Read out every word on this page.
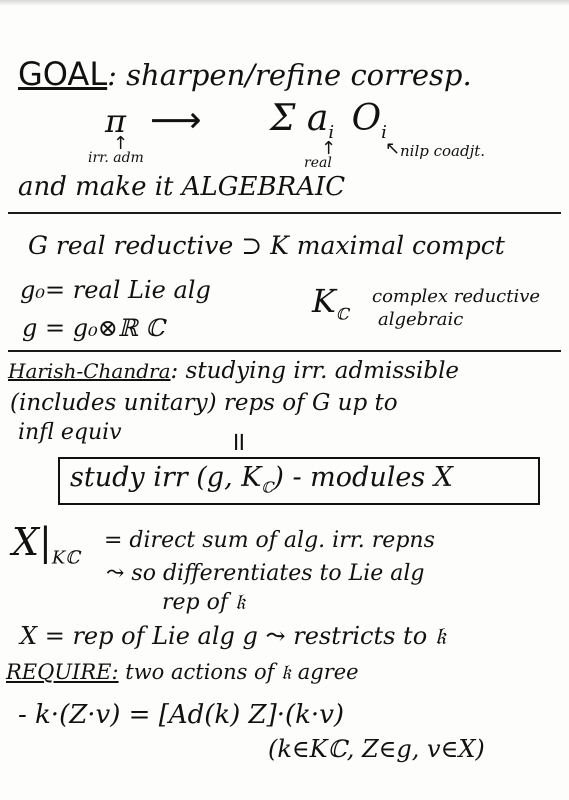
GOAL: sharpen/refine corresp.
π ⟶ Σ $a_i$ $O_i$
↑
irr. adm	↑
real
↖ nilp coadjt.
and make it ALGEBRAIC
G real reductive ⊃ K maximal compct
g₀= real Lie alg	$K_ℂ$
complex reductive
algebraic
g = g₀⊗ℝ ℂ
Harish-Chandra: studying irr. admissible
(includes unitary) reps of G up to
infl equiv	॥
study irr (g, $K_ℂ$) - modules X
$X|_{Kℂ}$
= direct sum of alg. irr. repns
⤳ so differentiates to Lie alg
rep of 𝔨
X = rep of Lie alg g ⤳ restricts to 𝔨
REQUIRE: two actions of 𝔨 agree
- k·(Z·v) = [Ad(k) Z]·(k·v)
(k∈Kℂ, Z∈g, v∈X)
